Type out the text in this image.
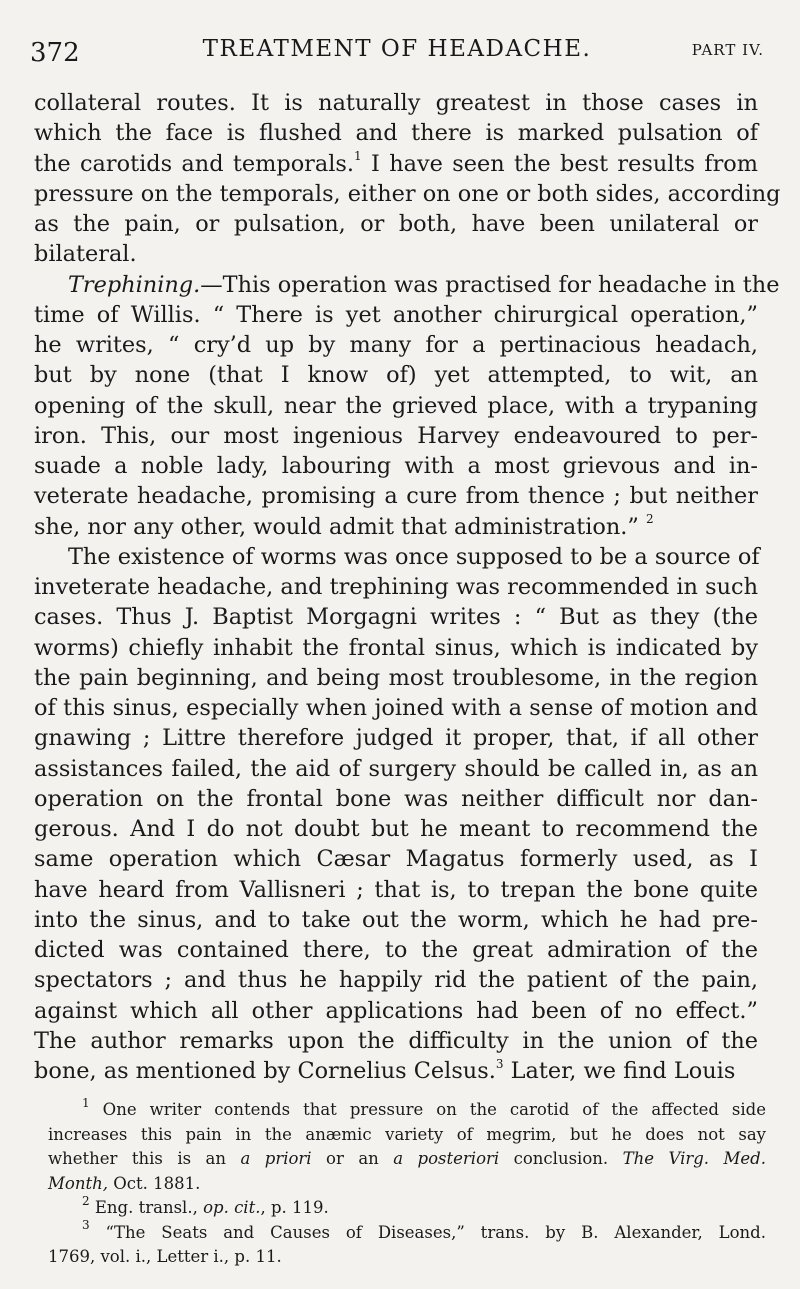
372	TREATMENT OF HEADACHE.	PART IV.
collateral routes. It is naturally greatest in those cases in
which the face is flushed and there is marked pulsation of
the carotids and temporals.$^1$ I have seen the best results from
pressure on the temporals, either on one or both sides, according
as the pain, or pulsation, or both, have been unilateral or
bilateral.
Trephining.—This operation was practised for headache in the
time of Willis. “ There is yet another chirurgical operation,”
he writes, “ cry’d up by many for a pertinacious headach,
but by none (that I know of) yet attempted, to wit, an
opening of the skull, near the grieved place, with a trypaning
iron. This, our most ingenious Harvey endeavoured to per-
suade a noble lady, labouring with a most grievous and in-
veterate headache, promising a cure from thence ; but neither
she, nor any other, would admit that administration.” $^2$
The existence of worms was once supposed to be a source of
inveterate headache, and trephining was recommended in such
cases. Thus J. Baptist Morgagni writes : “ But as they (the
worms) chiefly inhabit the frontal sinus, which is indicated by
the pain beginning, and being most troublesome, in the region
of this sinus, especially when joined with a sense of motion and
gnawing ; Littre therefore judged it proper, that, if all other
assistances failed, the aid of surgery should be called in, as an
operation on the frontal bone was neither difficult nor dan-
gerous. And I do not doubt but he meant to recommend the
same operation which Cæsar Magatus formerly used, as I
have heard from Vallisneri ; that is, to trepan the bone quite
into the sinus, and to take out the worm, which he had pre-
dicted was contained there, to the great admiration of the
spectators ; and thus he happily rid the patient of the pain,
against which all other applications had been of no effect.”
The author remarks upon the difficulty in the union of the
bone, as mentioned by Cornelius Celsus.$^3$ Later, we find Louis
$^1$ One writer contends that pressure on the carotid of the affected side
increases this pain in the anæmic variety of megrim, but he does not say
whether this is an a priori or an a posteriori conclusion. The Virg. Med.
Month, Oct. 1881.
$^2$ Eng. transl., op. cit., p. 119.
$^3$ “The Seats and Causes of Diseases,” trans. by B. Alexander, Lond.
1769, vol. i., Letter i., p. 11.
